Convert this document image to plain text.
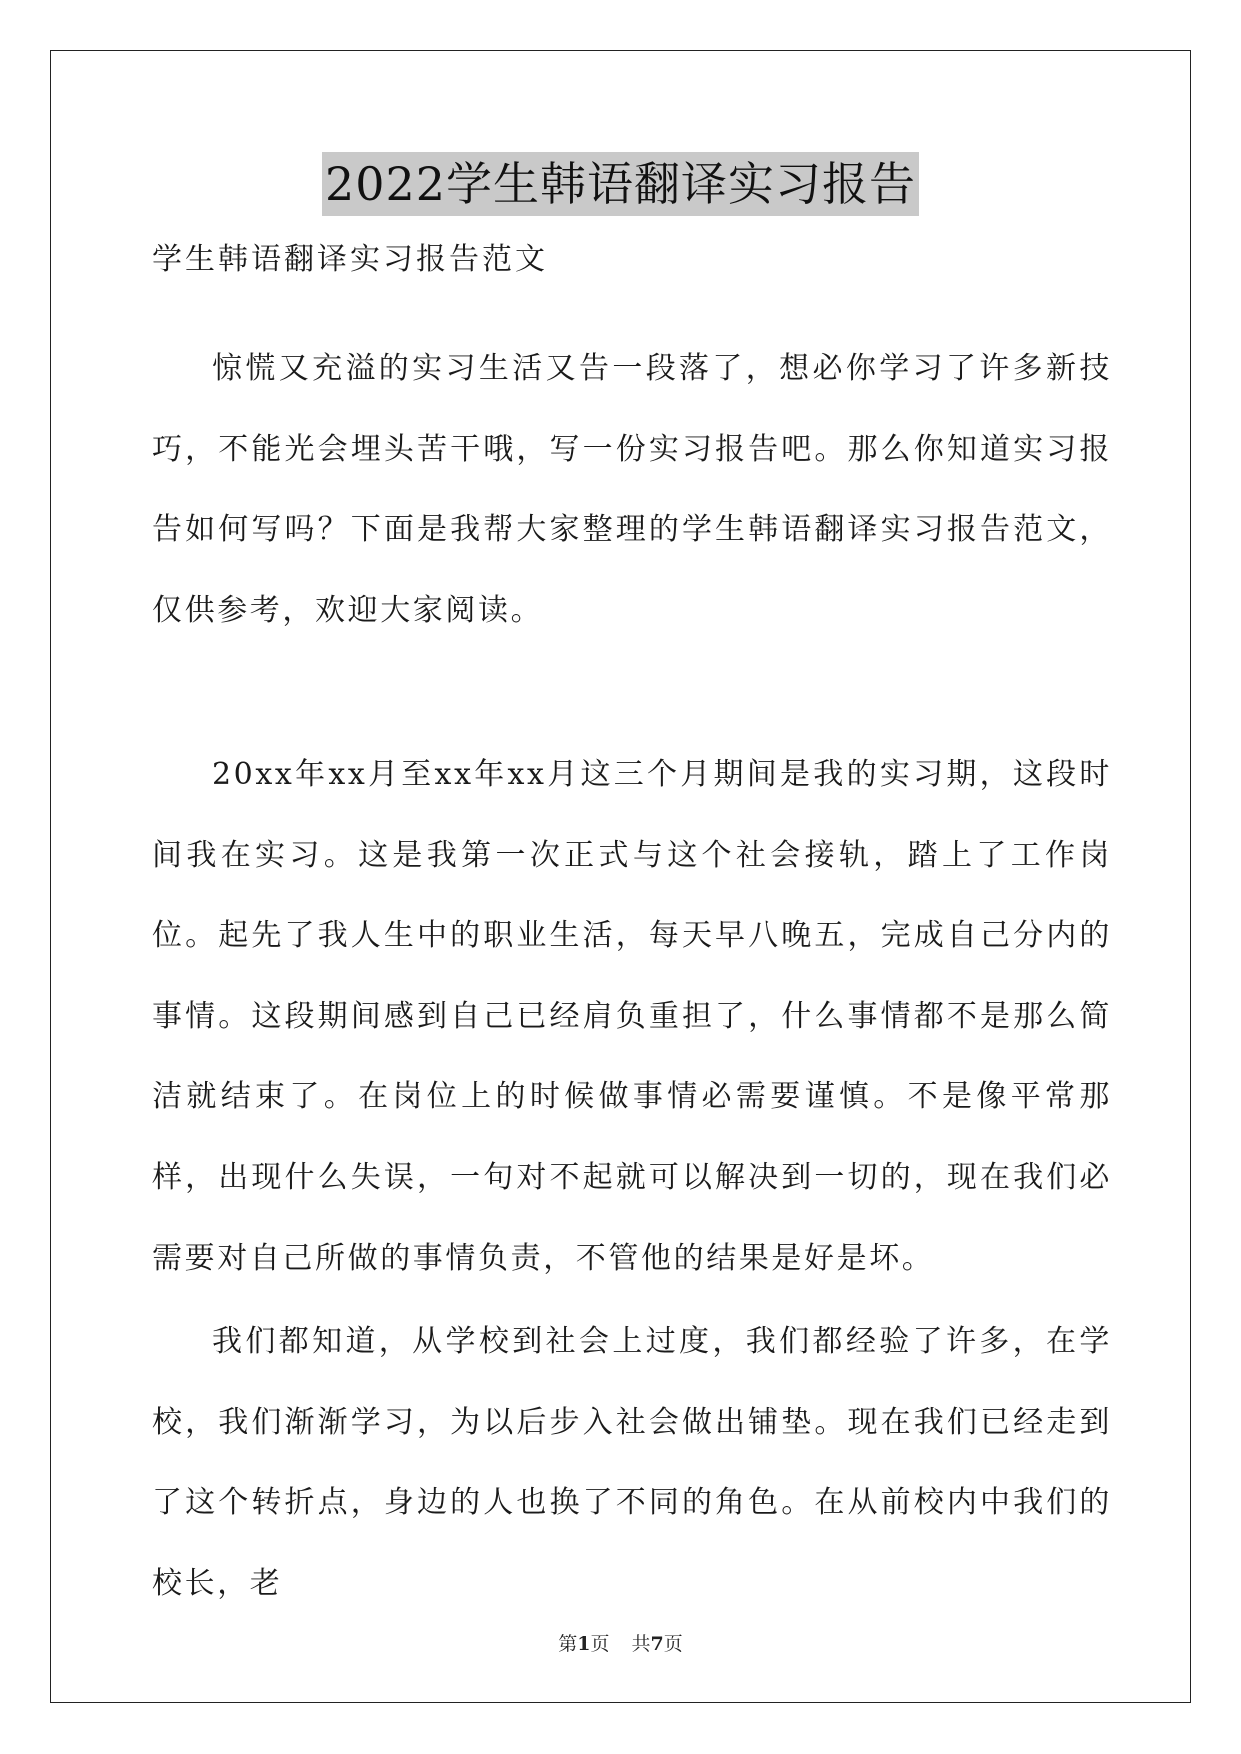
2022学生韩语翻译实习报告
学生韩语翻译实习报告范文

惊慌又充溢的实习生活又告一段落了，想必你学习了许多新技巧，不能光会埋头苦干哦，写一份实习报告吧。那么你知道实习报告如何写吗？下面是我帮大家整理的学生韩语翻译实习报告范文，仅供参考，欢迎大家阅读。

20xx年xx月至xx年xx月这三个月期间是我的实习期，这段时间我在实习。这是我第一次正式与这个社会接轨，踏上了工作岗位。起先了我人生中的职业生活，每天早八晚五，完成自己分内的事情。这段期间感到自己已经肩负重担了，什么事情都不是那么简洁就结束了。在岗位上的时候做事情必需要谨慎。不是像平常那样，出现什么失误，一句对不起就可以解决到一切的，现在我们必需要对自己所做的事情负责，不管他的结果是好是坏。

我们都知道，从学校到社会上过度，我们都经验了许多，在学校，我们渐渐学习，为以后步入社会做出铺垫。现在我们已经走到了这个转折点，身边的人也换了不同的角色。在从前校内中我们的校长，老

第1页 共7页
